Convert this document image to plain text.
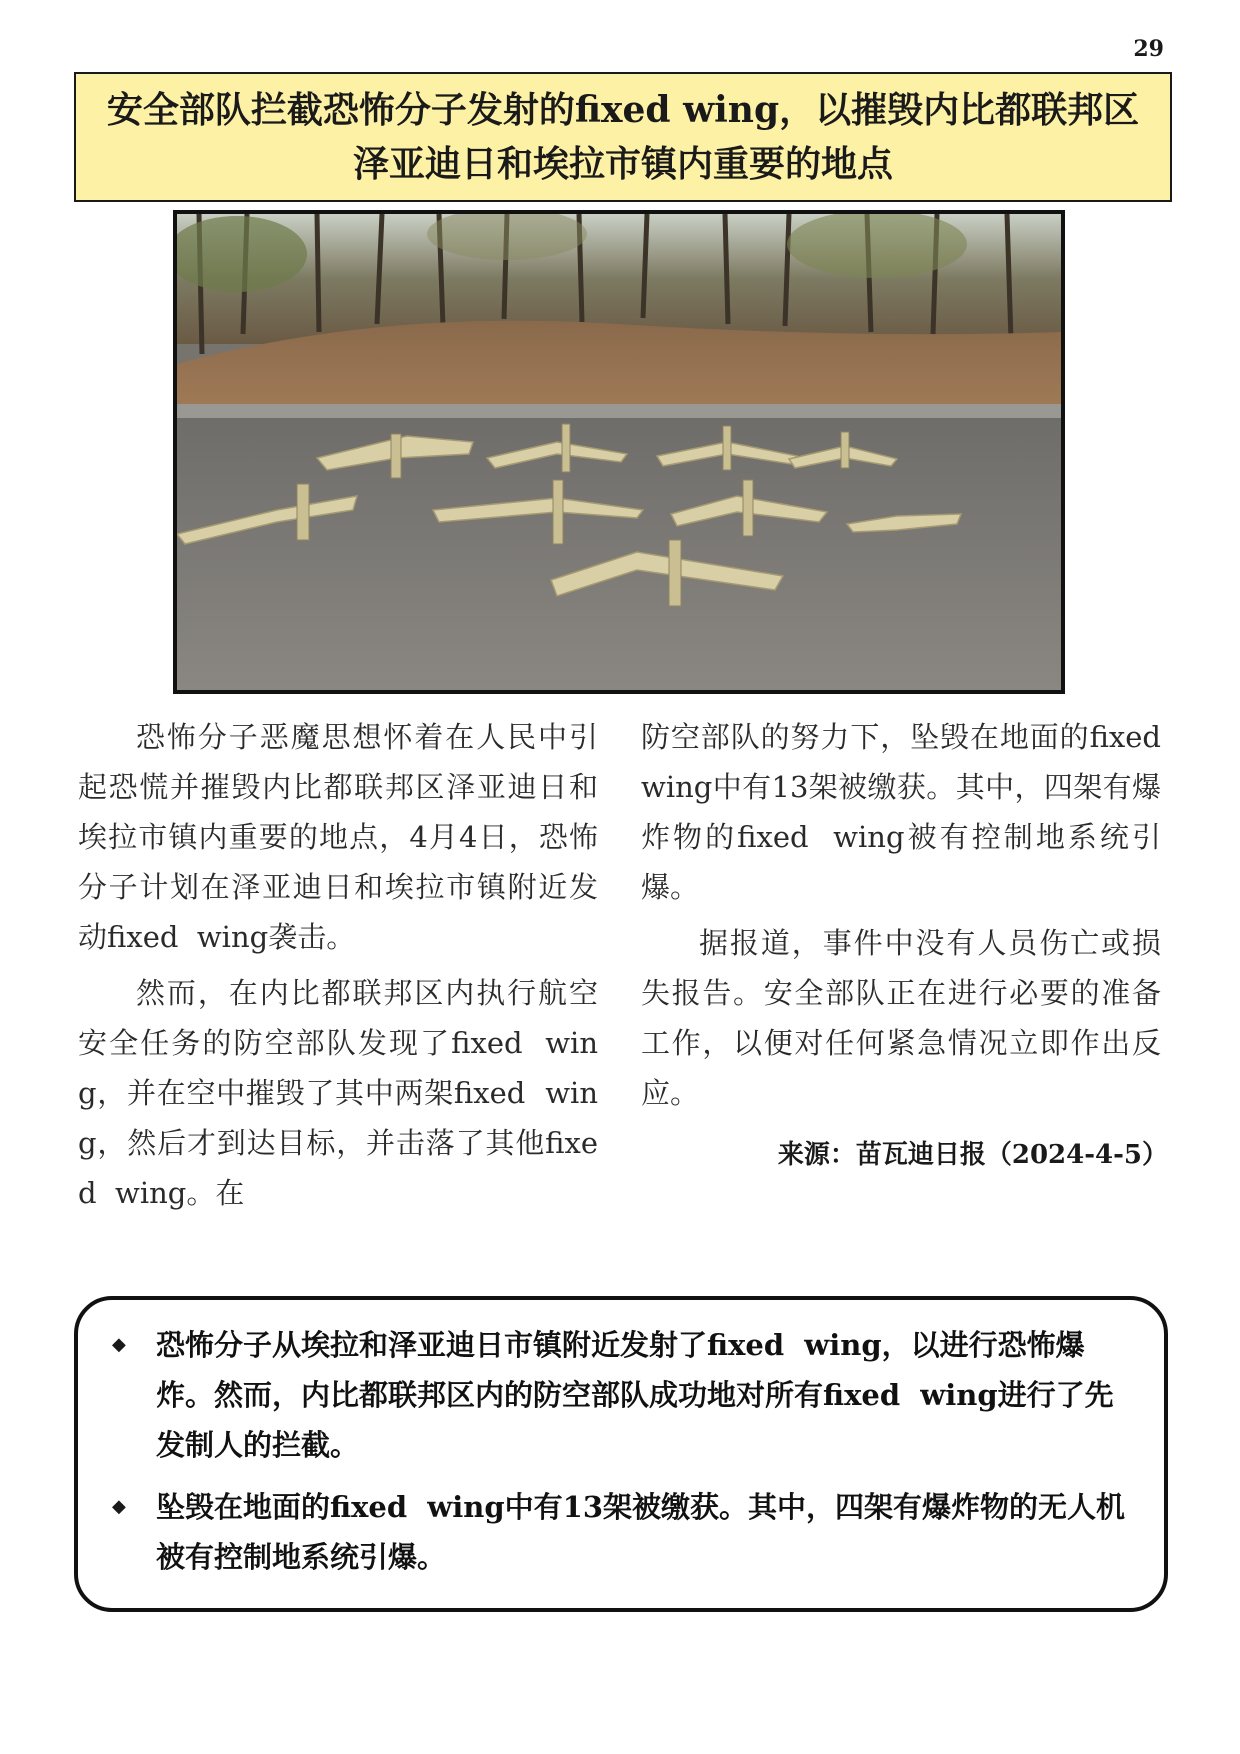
29
安全部队拦截恐怖分子发射的fixed wing，以摧毁内比都联邦区
泽亚迪日和埃拉市镇内重要的地点

恐怖分子恶魔思想怀着在人民中引起恐慌并摧毁内比都联邦区泽亚迪日和埃拉市镇内重要的地点，4月4日，恐怖分子计划在泽亚迪日和埃拉市镇附近发动fixed  wing袭击。

然而，在内比都联邦区内执行航空安全任务的防空部队发现了fixed  wing，并在空中摧毁了其中两架fixed  wing，然后才到达目标，并击落了其他fixed  wing。在

防空部队的努力下，坠毁在地面的fixed  wing中有13架被缴获。其中，四架有爆炸物的fixed  wing被有控制地系统引爆。

据报道，事件中没有人员伤亡或损失报告。安全部队正在进行必要的准备工作，以便对任何紧急情况立即作出反应。

来源：苗瓦迪日报（2024-4-5）
◆	恐怖分子从埃拉和泽亚迪日市镇附近发射了fixed  wing，以进行恐怖爆炸。然而，内比都联邦区内的防空部队成功地对所有fixed  wing进行了先发制人的拦截。
◆	坠毁在地面的fixed  wing中有13架被缴获。其中，四架有爆炸物的无人机被有控制地系统引爆。
